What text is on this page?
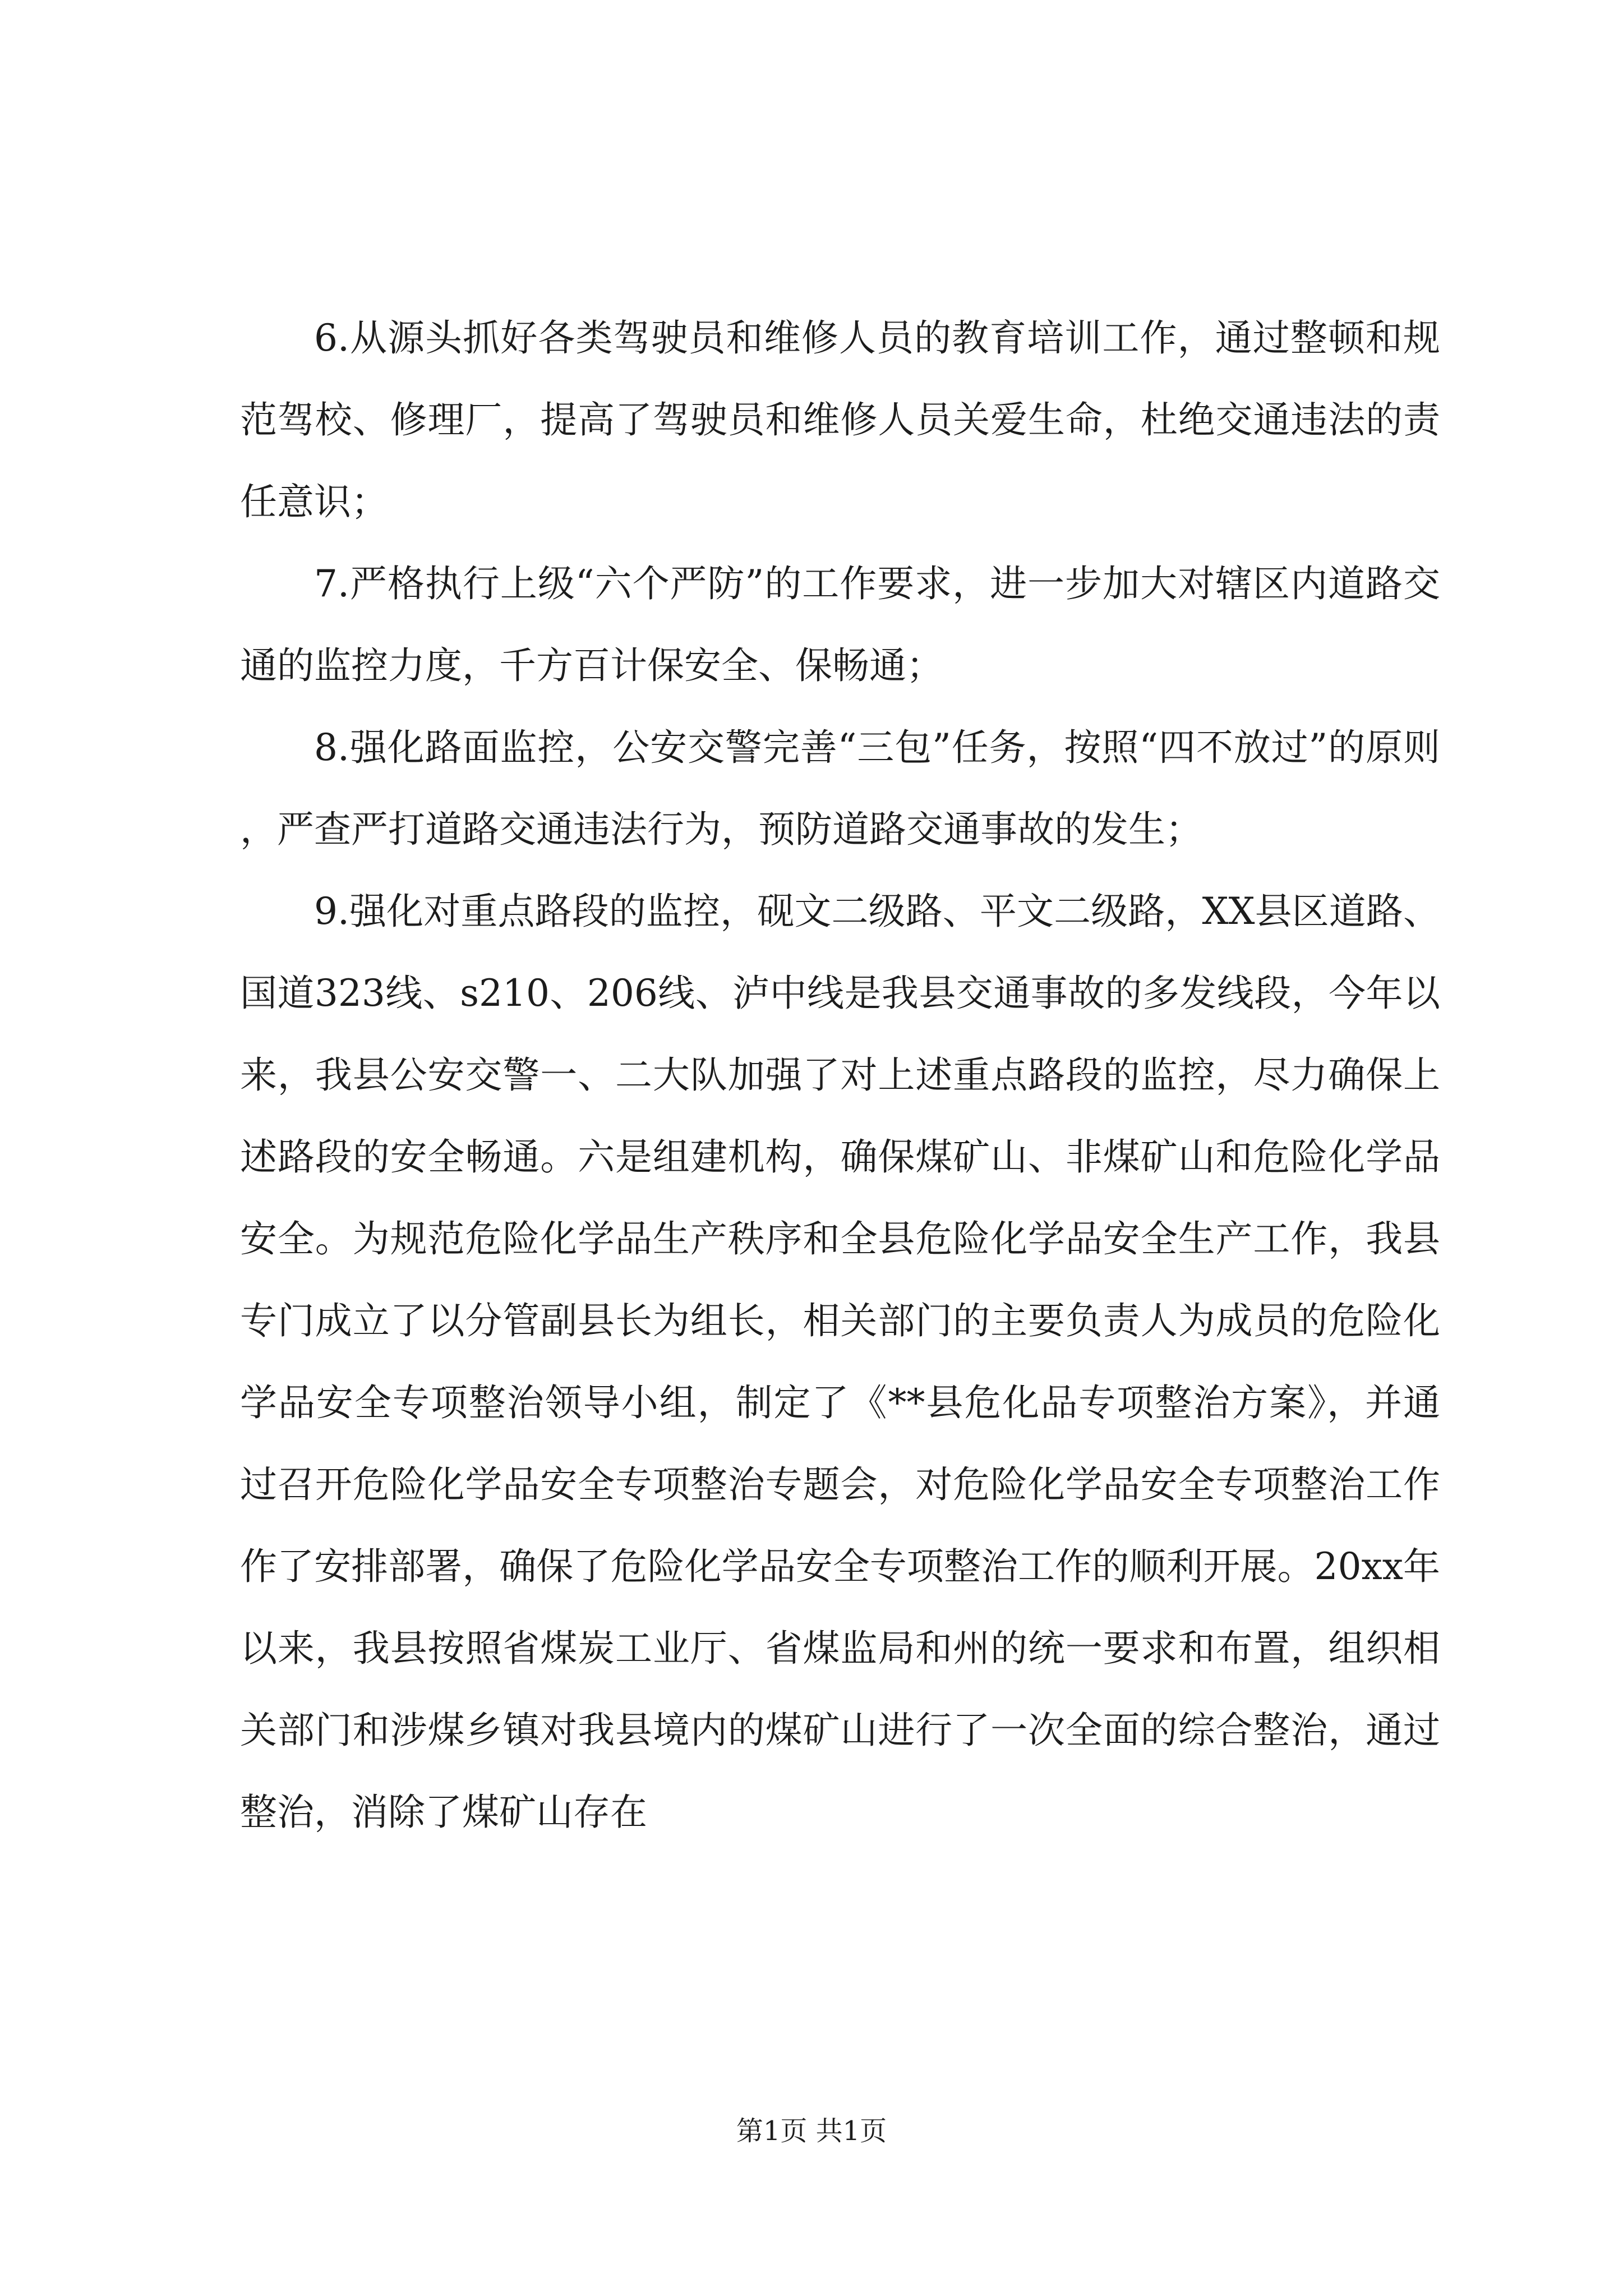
6.从源头抓好各类驾驶员和维修人员的教育培训工作，通过整顿和规范驾校、修理厂，提高了驾驶员和维修人员关爱生命，杜绝交通违法的责任意识；

7.严格执行上级“六个严防”的工作要求，进一步加大对辖区内道路交通的监控力度，千方百计保安全、保畅通；

8.强化路面监控，公安交警完善“三包”任务，按照“四不放过”的原则，严查严打道路交通违法行为，预防道路交通事故的发生；

9.强化对重点路段的监控，砚文二级路、平文二级路，XX县区道路、国道323线、s210、206线、泸中线是我县交通事故的多发线段，今年以来，我县公安交警一、二大队加强了对上述重点路段的监控，尽力确保上述路段的安全畅通。六是组建机构，确保煤矿山、非煤矿山和危险化学品安全。为规范危险化学品生产秩序和全县危险化学品安全生产工作，我县专门成立了以分管副县长为组长，相关部门的主要负责人为成员的危险化学品安全专项整治领导小组，制定了《**县危化品专项整治方案》，并通过召开危险化学品安全专项整治专题会，对危险化学品安全专项整治工作作了安排部署，确保了危险化学品安全专项整治工作的顺利开展。20xx年以来，我县按照省煤炭工业厅、省煤监局和州的统一要求和布置，组织相关部门和涉煤乡镇对我县境内的煤矿山进行了一次全面的综合整治，通过整治，消除了煤矿山存在

第1页 共1页
